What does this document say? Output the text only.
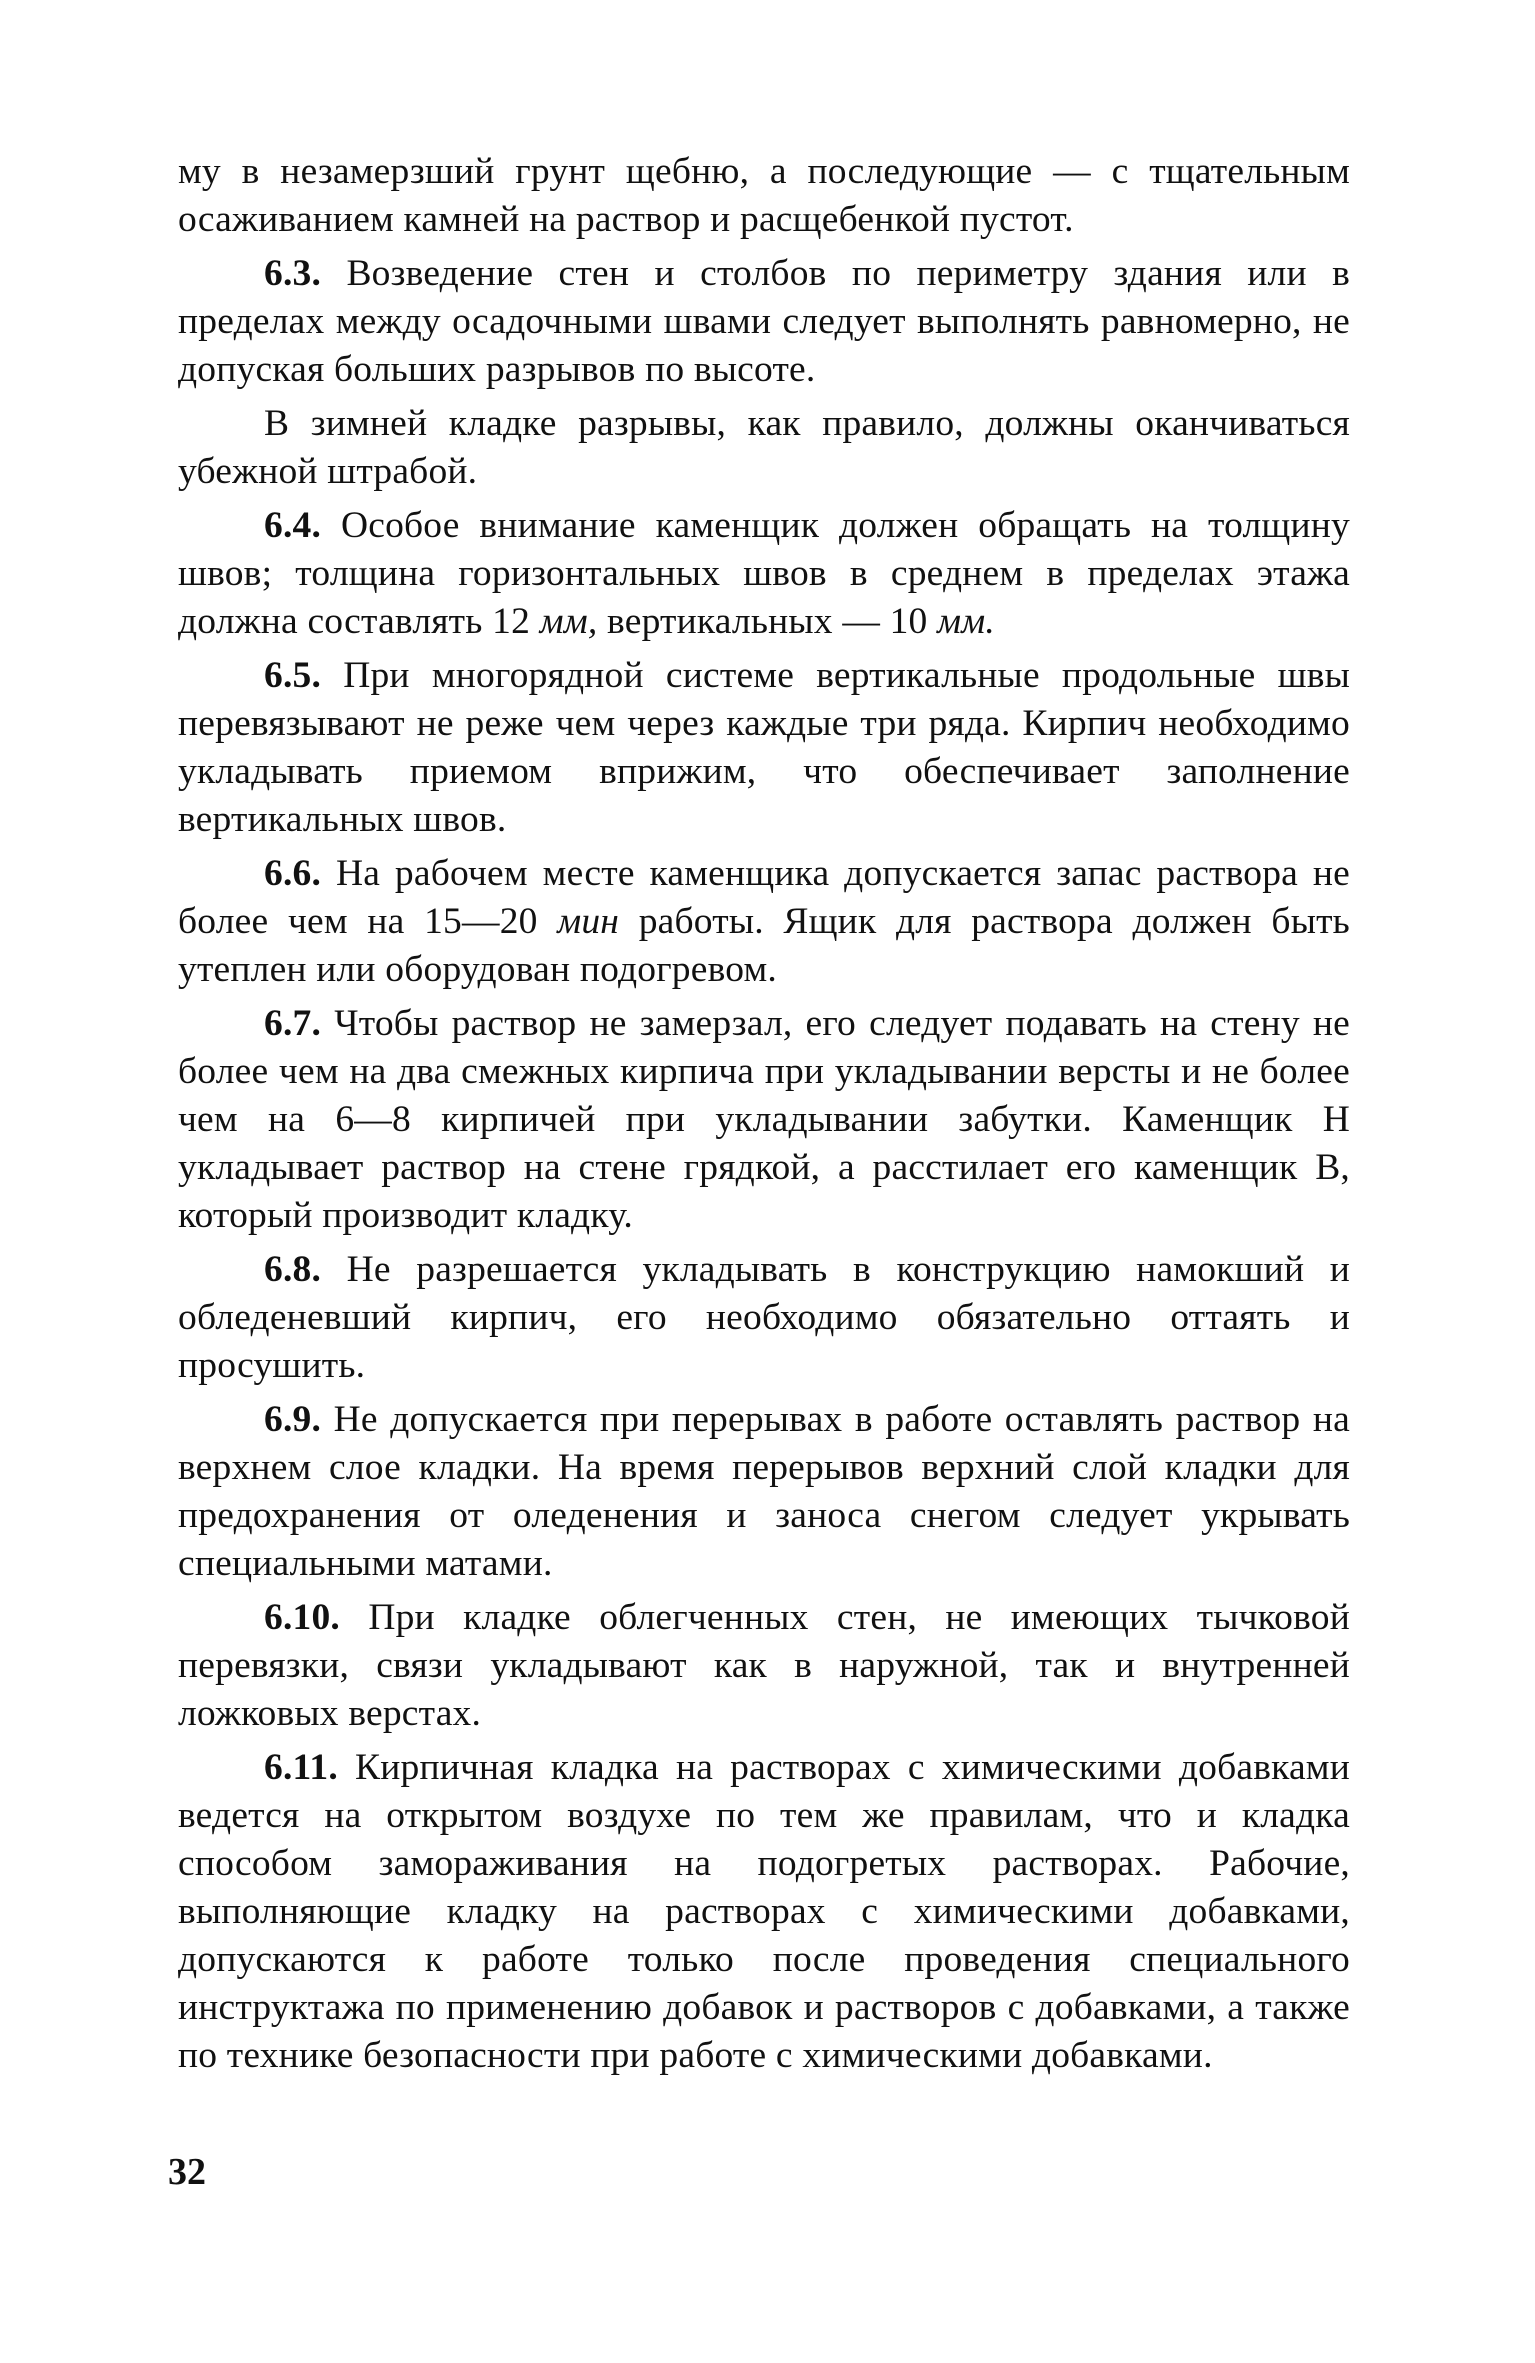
му в незамерзший грунт щебню, а последующие — с тщательным осаживанием камней на раствор и расщебенкой пустот.

6.3. Возведение стен и столбов по периметру здания или в пределах между осадочными швами следует выполнять равномерно, не допуская больших разрывов по высоте.

В зимней кладке разрывы, как правило, должны оканчиваться убежной штрабой.

6.4. Особое внимание каменщик должен обращать на толщину швов; толщина горизонтальных швов в среднем в пределах этажа должна составлять 12 мм, вертикальных — 10 мм.

6.5. При многорядной системе вертикальные продольные швы перевязывают не реже чем через каждые три ряда. Кирпич необходимо укладывать приемом вприжим, что обеспечивает заполнение вертикальных швов.

6.6. На рабочем месте каменщика допускается запас раствора не более чем на 15—20 мин работы. Ящик для раствора должен быть утеплен или оборудован подогревом.

6.7. Чтобы раствор не замерзал, его следует подавать на стену не более чем на два смежных кирпича при укладывании версты и не более чем на 6—8 кирпичей при укладывании забутки. Каменщик Н укладывает раствор на стене грядкой, а расстилает его каменщик В, который производит кладку.

6.8. Не разрешается укладывать в конструкцию намокший и обледеневший кирпич, его необходимо обязательно оттаять и просушить.

6.9. Не допускается при перерывах в работе оставлять раствор на верхнем слое кладки. На время перерывов верхний слой кладки для предохранения от оледенения и заноса снегом следует укрывать специальными матами.

6.10. При кладке облегченных стен, не имеющих тычковой перевязки, связи укладывают как в наружной, так и внутренней ложковых верстах.

6.11. Кирпичная кладка на растворах с химическими добавками ведется на открытом воздухе по тем же правилам, что и кладка способом замораживания на подогретых растворах. Рабочие, выполняющие кладку на растворах с химическими добавками, допускаются к работе только после проведения специального инструктажа по применению добавок и растворов с добавками, а также по технике безопасности при работе с химическими добавками.

32
